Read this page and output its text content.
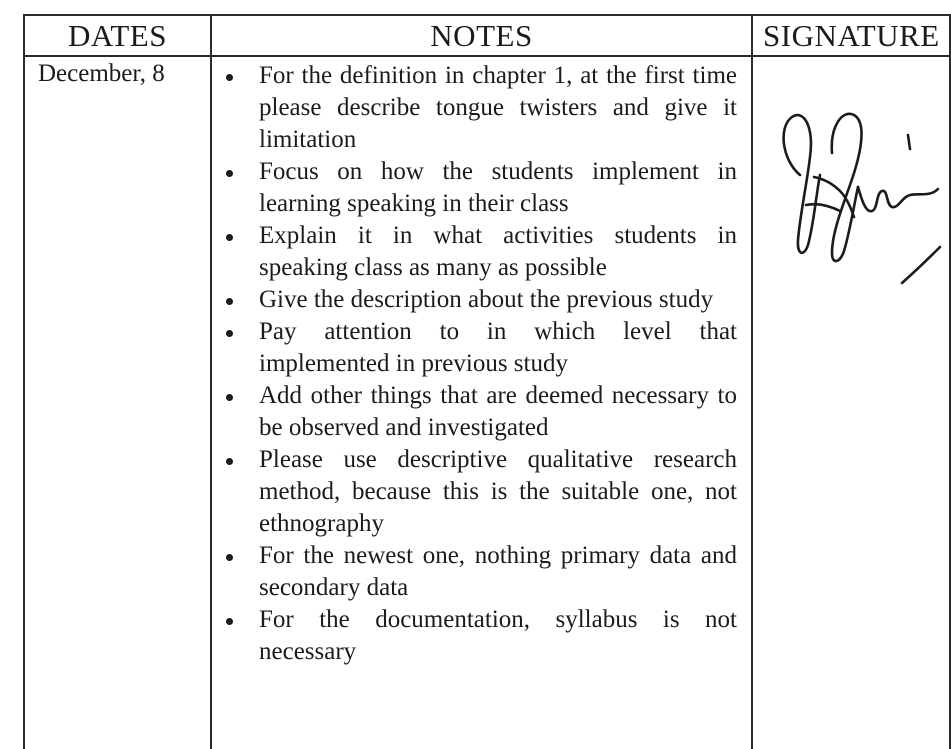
DATES	NOTES	SIGNATURE
December, 8	For the definition in chapter 1, at the first time please describe tongue twisters and give it limitation
Focus on how the students implement in learning speaking in their class
Explain it in what activities students in speaking class as many as possible
Give the description about the previous study
Pay attention to in which level that implemented in previous study
Add other things that are deemed necessary to be observed and investigated
Please use descriptive qualitative research method, because this is the suitable one, not ethnography
For the newest one, nothing primary data and secondary data
For the documentation, syllabus is not necessary
